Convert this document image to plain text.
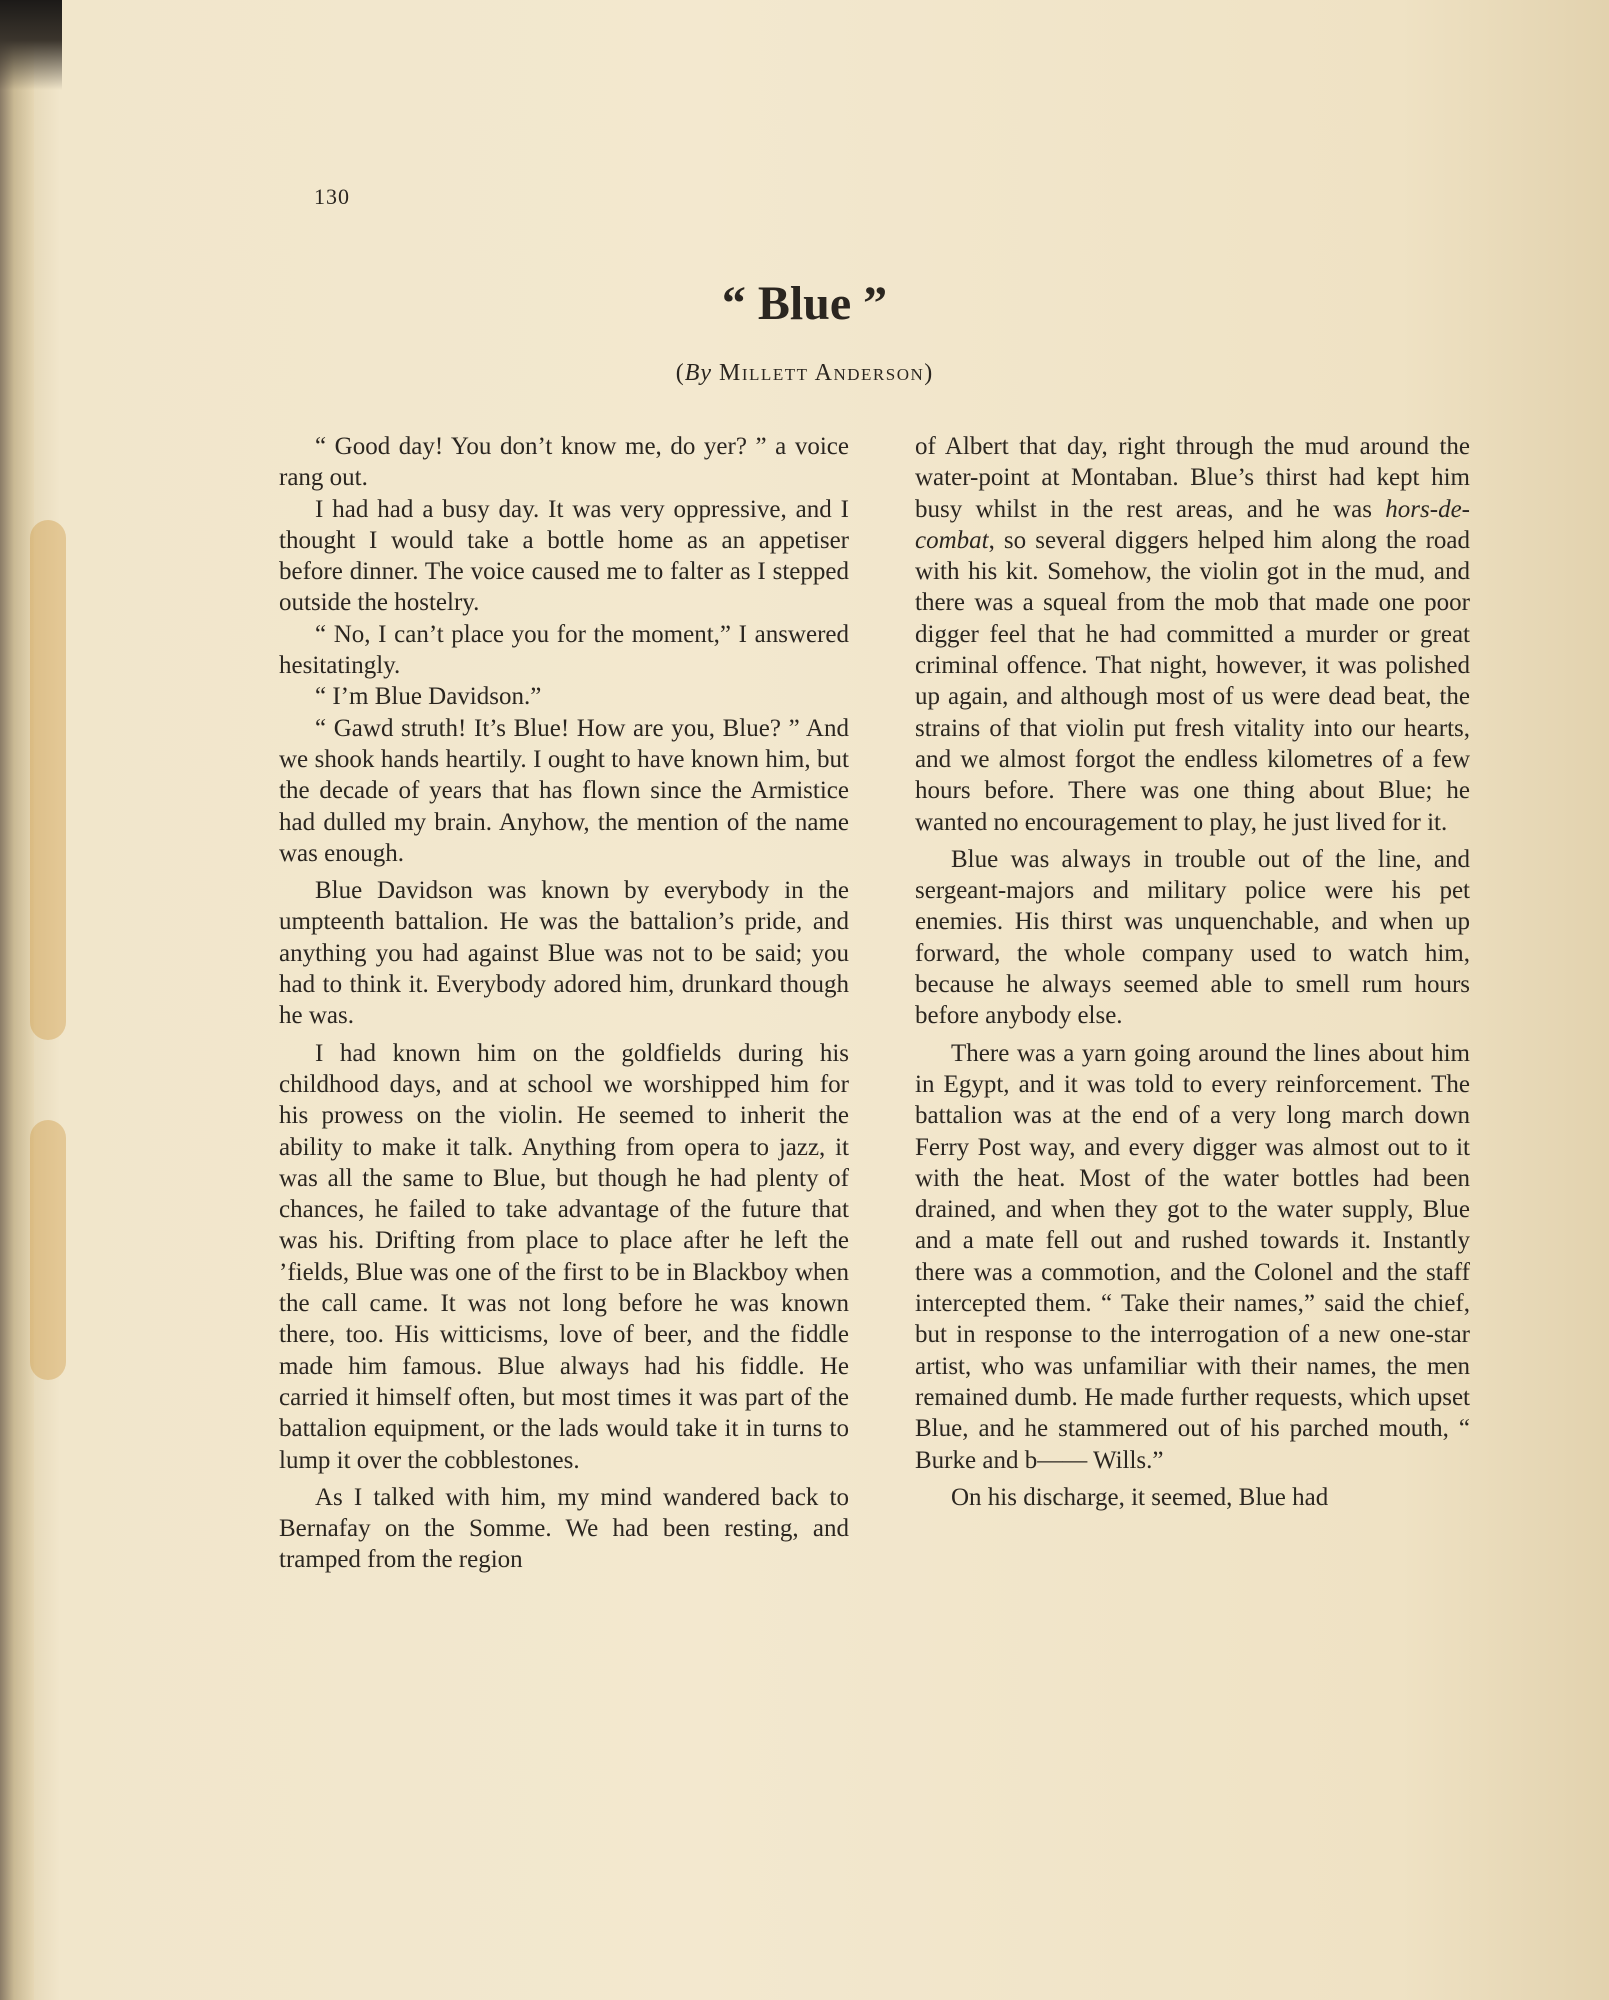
130
“ Blue ”
(By Millett Anderson)

“ Good day! You don’t know me, do yer? ” a voice rang out.

I had had a busy day. It was very oppressive, and I thought I would take a bottle home as an appetiser before dinner. The voice caused me to falter as I stepped outside the hostelry.

“ No, I can’t place you for the moment,” I answered hesitatingly.

“ I’m Blue Davidson.”

“ Gawd struth! It’s Blue! How are you, Blue? ” And we shook hands heartily. I ought to have known him, but the decade of years that has flown since the Armistice had dulled my brain. Anyhow, the mention of the name was enough.

Blue Davidson was known by everybody in the umpteenth battalion. He was the battalion’s pride, and anything you had against Blue was not to be said; you had to think it. Everybody adored him, drunkard though he was.

I had known him on the goldfields during his childhood days, and at school we worshipped him for his prowess on the violin. He seemed to inherit the ability to make it talk. Anything from opera to jazz, it was all the same to Blue, but though he had plenty of chances, he failed to take advantage of the future that was his. Drifting from place to place after he left the ’fields, Blue was one of the first to be in Blackboy when the call came. It was not long before he was known there, too. His witticisms, love of beer, and the fiddle made him famous. Blue always had his fiddle. He carried it himself often, but most times it was part of the battalion equipment, or the lads would take it in turns to lump it over the cobblestones.

As I talked with him, my mind wandered back to Bernafay on the Somme. We had been resting, and tramped from the region

of Albert that day, right through the mud around the water-point at Montaban. Blue’s thirst had kept him busy whilst in the rest areas, and he was hors-de-combat, so several diggers helped him along the road with his kit. Somehow, the violin got in the mud, and there was a squeal from the mob that made one poor digger feel that he had committed a murder or great criminal offence. That night, however, it was polished up again, and although most of us were dead beat, the strains of that violin put fresh vitality into our hearts, and we almost forgot the endless kilometres of a few hours before. There was one thing about Blue; he wanted no encouragement to play, he just lived for it.

Blue was always in trouble out of the line, and sergeant-majors and military police were his pet enemies. His thirst was unquenchable, and when up forward, the whole company used to watch him, because he always seemed able to smell rum hours before anybody else.

There was a yarn going around the lines about him in Egypt, and it was told to every reinforcement. The battalion was at the end of a very long march down Ferry Post way, and every digger was almost out to it with the heat. Most of the water bottles had been drained, and when they got to the water supply, Blue and a mate fell out and rushed towards it. Instantly there was a commotion, and the Colonel and the staff intercepted them. “ Take their names,” said the chief, but in response to the interrogation of a new one-star artist, who was unfamiliar with their names, the men remained dumb. He made further requests, which upset Blue, and he stammered out of his parched mouth, “ Burke and b—— Wills.”

On his discharge, it seemed, Blue had
